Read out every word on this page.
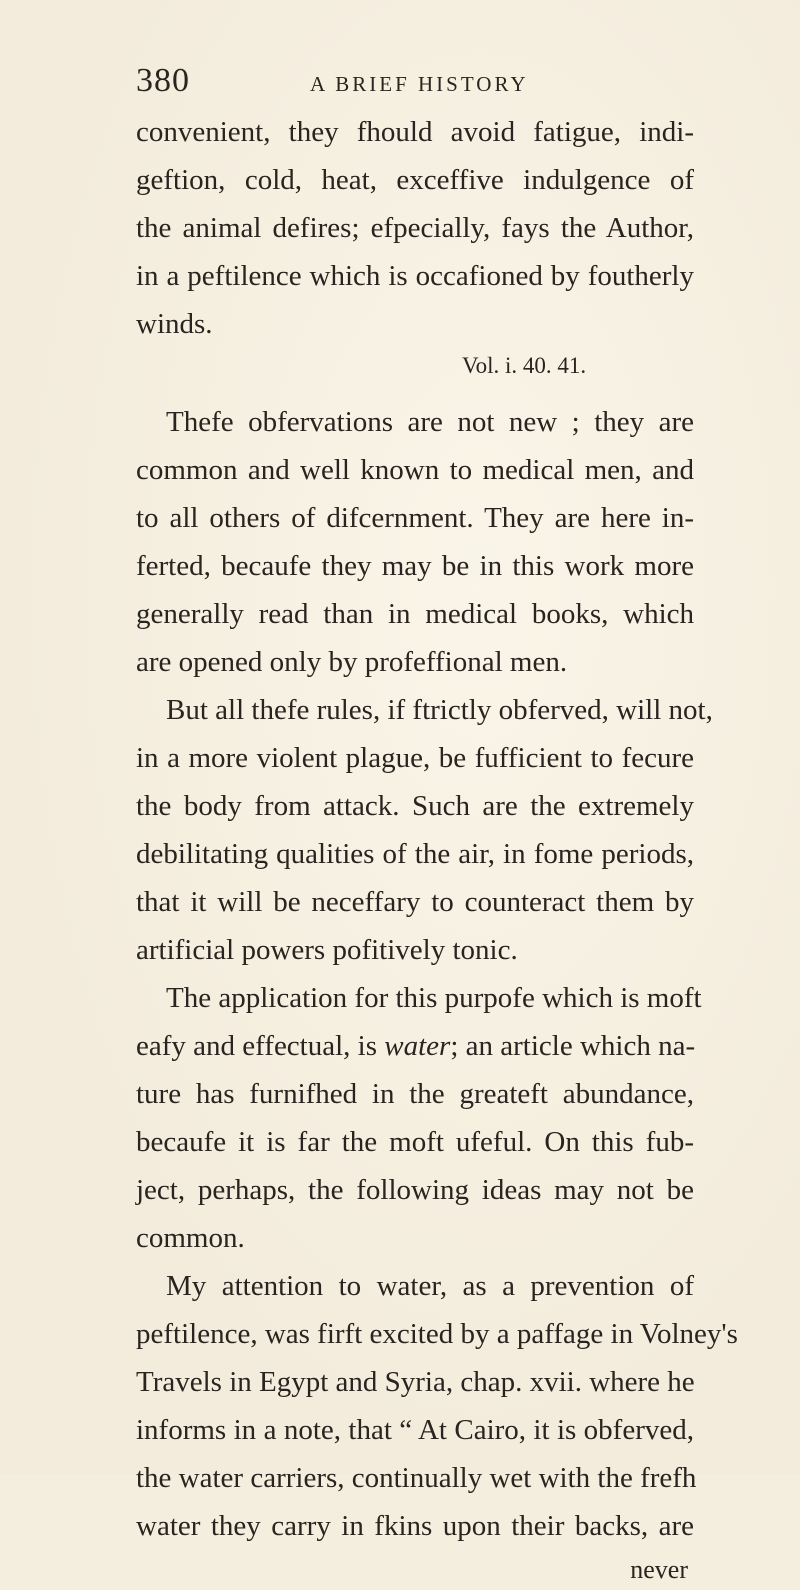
380	A BRIEF HISTORY
convenient, they fhould avoid fatigue, indi-
geftion, cold, heat, exceffive indulgence of
the animal defires; efpecially, fays the Author,
in a peftilence which is occafioned by foutherly
winds.
Vol. i. 40. 41.
Thefe obfervations are not new ; they are
common and well known to medical men, and
to all others of difcernment. They are here in-
ferted, becaufe they may be in this work more
generally read than in medical books, which
are opened only by profeffional men.
But all thefe rules, if ftrictly obferved, will not,
in a more violent plague, be fufficient to fecure
the body from attack. Such are the extremely
debilitating qualities of the air, in fome periods,
that it will be neceffary to counteract them by
artificial powers pofitively tonic.
The application for this purpofe which is moft
eafy and effectual, is water; an article which na-
ture has furnifhed in the greateft abundance,
becaufe it is far the moft ufeful. On this fub-
ject, perhaps, the following ideas may not be
common.
My attention to water, as a prevention of
peftilence, was firft excited by a paffage in Volney's
Travels in Egypt and Syria, chap. xvii. where he
informs in a note, that “ At Cairo, it is obferved,
the water carriers, continually wet with the frefh
water they carry in fkins upon their backs, are
never
